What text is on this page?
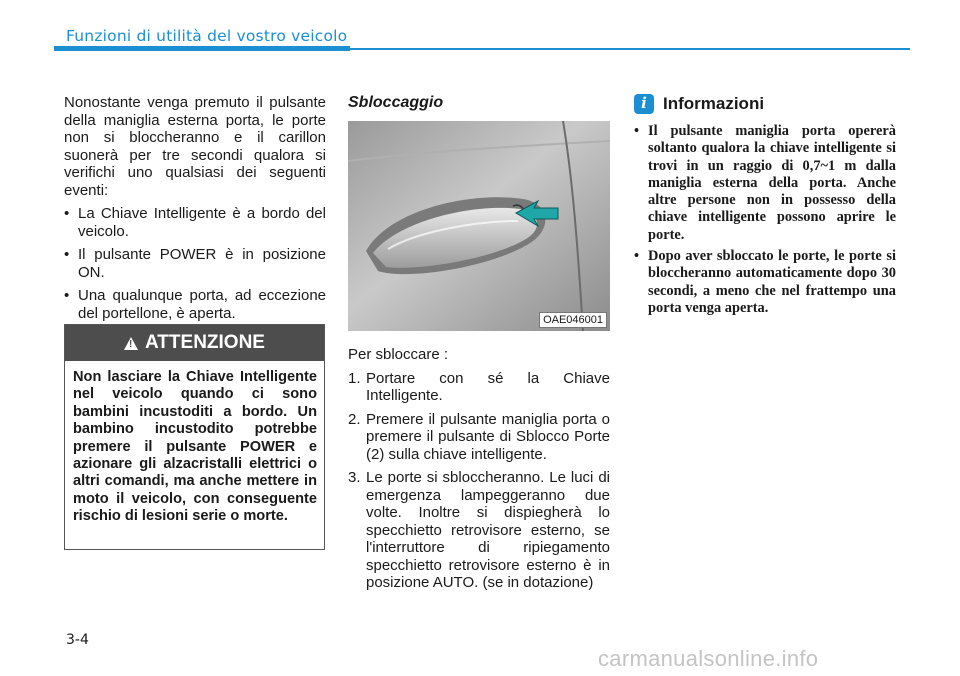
Funzioni di utilità del vostro veicolo
Nonostante venga premuto il pulsante della maniglia esterna porta, le porte non si bloccheranno e il carillon suonerà per tre secondi qualora si verifichi uno qualsiasi dei seguenti eventi:
• La Chiave Intelligente è a bordo del veicolo.
• Il pulsante POWER è in posizione ON.
• Una qualunque porta, ad eccezione del portellone, è aperta.
! ATTENZIONE
Non lasciare la Chiave Intelligente nel veicolo quando ci sono bambini incustoditi a bordo. Un bambino incustodito potrebbe premere il pulsante POWER e azionare gli alzacristalli elettrici o altri comandi, ma anche mettere in moto il veicolo, con conseguente rischio di lesioni serie o morte.
Sbloccaggio
OAE046001
Per sbloccare :
1. Portare con sé la Chiave Intelligente.
2. Premere il pulsante maniglia porta o premere il pulsante di Sblocco Porte (2) sulla chiave intelligente.
3. Le porte si sbloccheranno. Le luci di emergenza lampeggeranno due volte. Inoltre si dispiegherà lo specchietto retrovisore esterno, se l'interruttore di ripiegamento specchietto retrovisore esterno è in posizione AUTO. (se in dotazione)
i Informazioni
• Il pulsante maniglia porta opererà soltanto qualora la chiave intelligente si trovi in un raggio di 0,7~1 m dalla maniglia esterna della porta. Anche altre persone non in possesso della chiave intelligente possono aprire le porte.
• Dopo aver sbloccato le porte, le porte si bloccheranno automaticamente dopo 30 secondi, a meno che nel frattempo una porta venga aperta.
3-4
carmanualsonline.info
